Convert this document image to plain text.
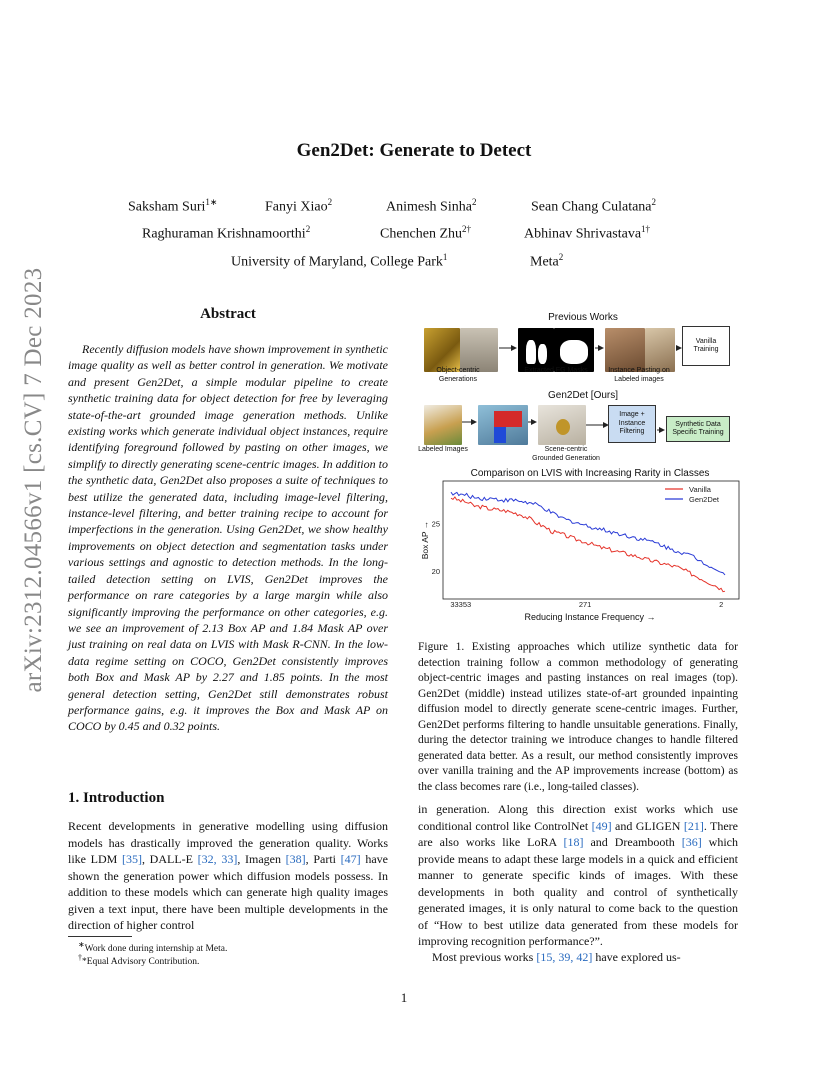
arXiv:2312.04566v1 [cs.CV] 7 Dec 2023
Gen2Det: Generate to Detect
Saksham Suri$^{1∗}$	Fanyi Xiao$^2$	Animesh Sinha$^2$	Sean Chang Culatana$^2$
Raghuraman Krishnamoorthi$^2$	Chenchen Zhu$^{2\dagger}$	Abhinav Shrivastava$^{1\dagger}$
University of Maryland, College Park$^1$	Meta$^2$
Abstract
Recently diffusion models have shown improvement in synthetic image quality as well as better control in generation. We motivate and present Gen2Det, a simple modular pipeline to create synthetic training data for object detection for free by leveraging state-of-the-art grounded image generation methods. Unlike existing works which generate individual object instances, require identifying foreground followed by pasting on other images, we simplify to directly generating scene-centric images. In addition to the synthetic data, Gen2Det also proposes a suite of techniques to best utilize the generated data, including image-level filtering, instance-level filtering, and better training recipe to account for imperfections in the generation. Using Gen2Det, we show healthy improvements on object detection and segmentation tasks under various settings and agnostic to detection methods. In the long-tailed detection setting on LVIS, Gen2Det improves the performance on rare categories by a large margin while also significantly improving the performance on other categories, e.g. we see an improvement of 2.13 Box AP and 1.84 Mask AP over just training on real data on LVIS with Mask R-CNN. In the low-data regime setting on COCO, Gen2Det consistently improves both Box and Mask AP by 2.27 and 1.85 points. In the most general detection setting, Gen2Det still demonstrates robust performance gains, e.g. it improves the Box and Mask AP on COCO by 0.45 and 0.32 points.
1. Introduction
Recent developments in generative modelling using diffusion models has drastically improved the generation quality. Works like LDM [35], DALL-E [32, 33], Imagen [38], Parti [47] have shown the generation power which diffusion models possess. In addition to these models which can generate high quality images given a text input, there have been multiple developments in the direction of higher control
∗Work done during internship at Meta.
†*Equal Advisory Contribution.
Previous Works
Vanilla Training
Object-centric Generations
Extracted FG Masks	Instance Pasting on Labeled images
Gen2Det [Ours]
Image + Instance Filtering
Synthetic Data Specific Training
Labeled Images	Scene-centric Grounded Generation
Comparison on LVIS with Increasing Rarity in Classes
20
25
33353	271	2
Vanilla
Gen2Det
Box AP →
Reducing Instance Frequency →
Figure 1. Existing approaches which utilize synthetic data for detection training follow a common methodology of generating object-centric images and pasting instances on real images (top). Gen2Det (middle) instead utilizes state-of-art grounded inpainting diffusion model to directly generate scene-centric images. Further, Gen2Det performs filtering to handle unsuitable generations. Finally, during the detector training we introduce changes to handle filtered generated data better. As a result, our method consistently improves over vanilla training and the AP improvements increase (bottom) as the class becomes rare (i.e., long-tailed classes).
in generation. Along this direction exist works which use conditional control like ControlNet [49] and GLIGEN [21]. There are also works like LoRA [18] and Dreambooth [36] which provide means to adapt these large models in a quick and efficient manner to generate specific kinds of images. With these developments in both quality and control of synthetically generated images, it is only natural to come back to the question of “How to best utilize data generated from these models for improving recognition performance?”.
Most previous works [15, 39, 42] have explored us-
1
